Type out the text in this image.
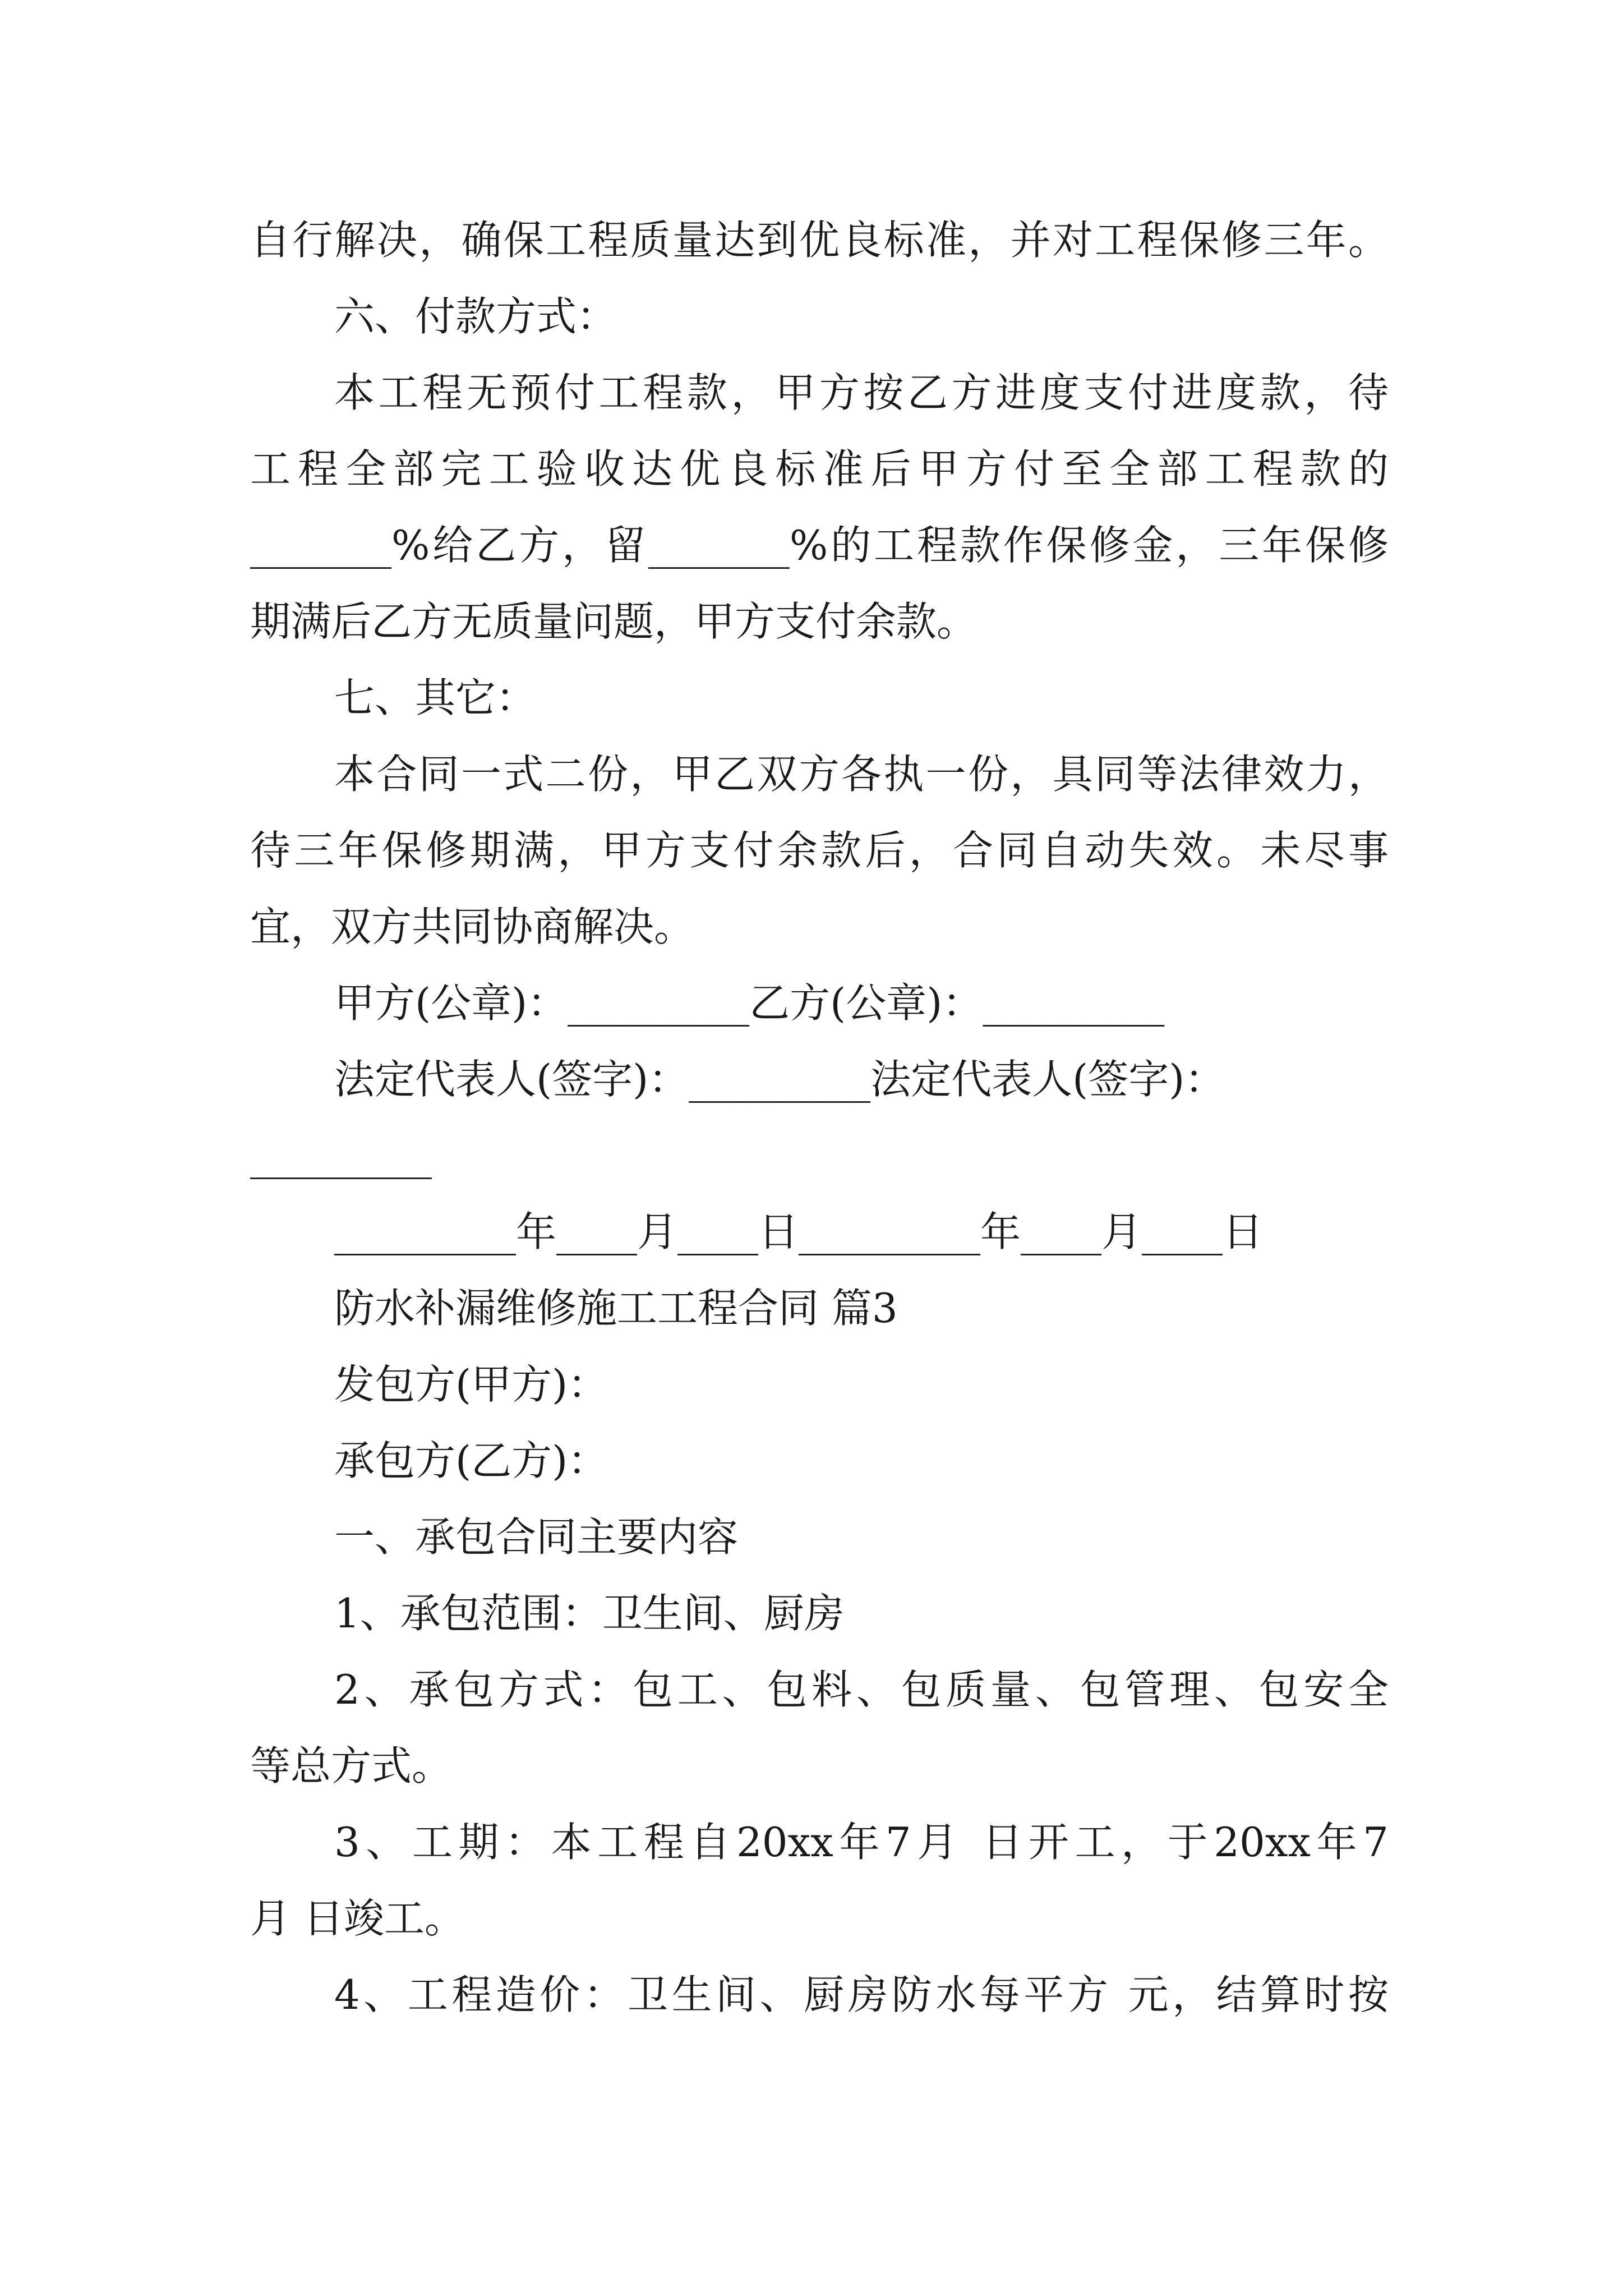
自行解决，确保工程质量达到优良标准，并对工程保修三年。
六、付款方式：
本工程无预付工程款，甲方按乙方进度支付进度款，待
工程全部完工验收达优良标准后甲方付至全部工程款的
_______%给乙方，留_______%的工程款作保修金，三年保修
期满后乙方无质量问题，甲方支付余款。
七、其它：
本合同一式二份，甲乙双方各执一份，具同等法律效力，
待三年保修期满，甲方支付余款后，合同自动失效。未尽事
宜，双方共同协商解决。
甲方(公章)：_________乙方(公章)：_________
法定代表人(签字)：_________法定代表人(签字)：
_________
_________年____月____日_________年____月____日
防水补漏维修施工工程合同 篇3
发包方(甲方)：
承包方(乙方)：
一、承包合同主要内容
1、承包范围：卫生间、厨房
2、承包方式：包工、包料、包质量、包管理、包安全
等总方式。
3、工期：本工程自20xx年7月 日开工，于20xx年7
月 日竣工。
4、工程造价：卫生间、厨房防水每平方 元，结算时按
